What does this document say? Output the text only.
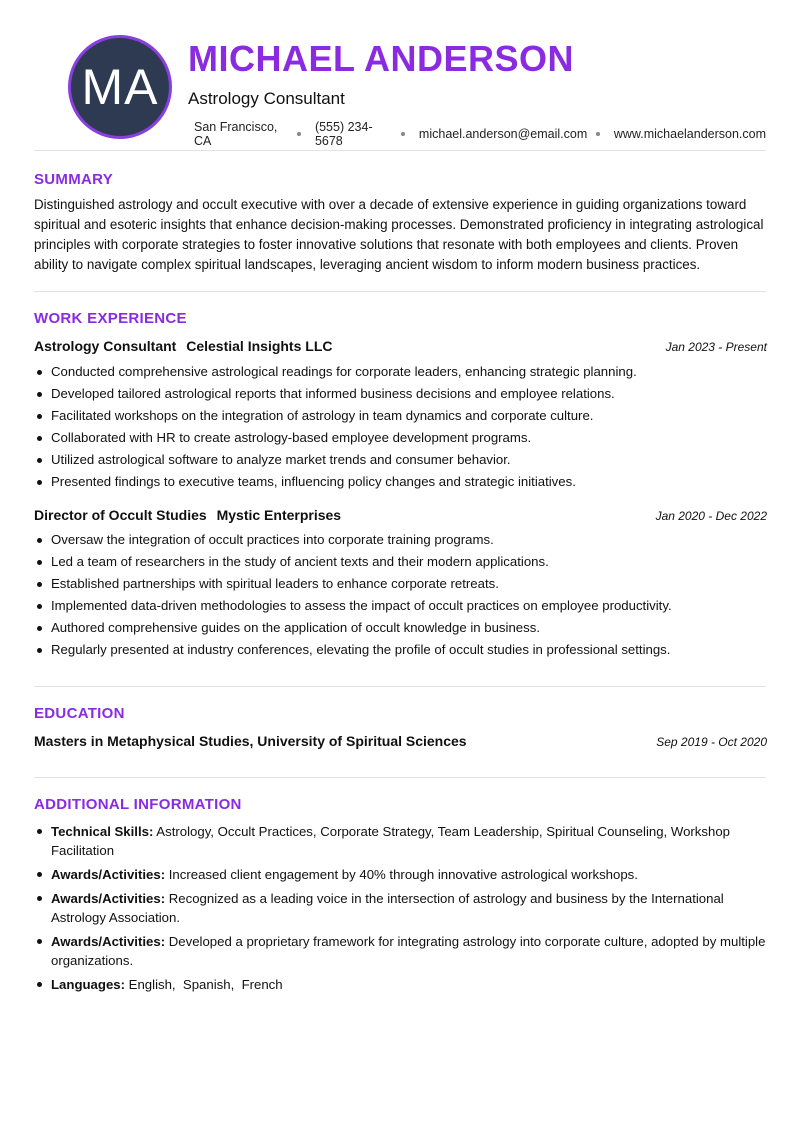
MA
MICHAEL ANDERSON
Astrology Consultant
San Francisco, CA
(555) 234-5678	michael.anderson@email.com www.michaelanderson.com
SUMMARY
Distinguished astrology and occult executive with over a decade of extensive experience in guiding organizations toward spiritual and esoteric insights that enhance decision-making processes. Demonstrated proficiency in integrating astrological principles with corporate strategies to foster innovative solutions that resonate with both employees and clients. Proven ability to navigate complex spiritual landscapes, leveraging ancient wisdom to inform modern business practices.
WORK EXPERIENCE
Astrology Consultant Celestial Insights LLC	Jan 2023 - Present
Conducted comprehensive astrological readings for corporate leaders, enhancing strategic planning.
Developed tailored astrological reports that informed business decisions and employee relations.
Facilitated workshops on the integration of astrology in team dynamics and corporate culture.
Collaborated with HR to create astrology-based employee development programs.
Utilized astrological software to analyze market trends and consumer behavior.
Presented findings to executive teams, influencing policy changes and strategic initiatives.
Director of Occult Studies Mystic Enterprises	Jan 2020 - Dec 2022
Oversaw the integration of occult practices into corporate training programs.
Led a team of researchers in the study of ancient texts and their modern applications.
Established partnerships with spiritual leaders to enhance corporate retreats.
Implemented data-driven methodologies to assess the impact of occult practices on employee productivity.
Authored comprehensive guides on the application of occult knowledge in business.
Regularly presented at industry conferences, elevating the profile of occult studies in professional settings.
EDUCATION
Masters in Metaphysical Studies, University of Spiritual Sciences	Sep 2019 - Oct 2020
ADDITIONAL INFORMATION
Technical Skills: Astrology, Occult Practices, Corporate Strategy, Team Leadership, Spiritual Counseling, Workshop Facilitation
Awards/Activities: Increased client engagement by 40% through innovative astrological workshops.
Awards/Activities: Recognized as a leading voice in the intersection of astrology and business by the International Astrology Association.
Awards/Activities: Developed a proprietary framework for integrating astrology into corporate culture, adopted by multiple organizations.
Languages: English,  Spanish,  French
